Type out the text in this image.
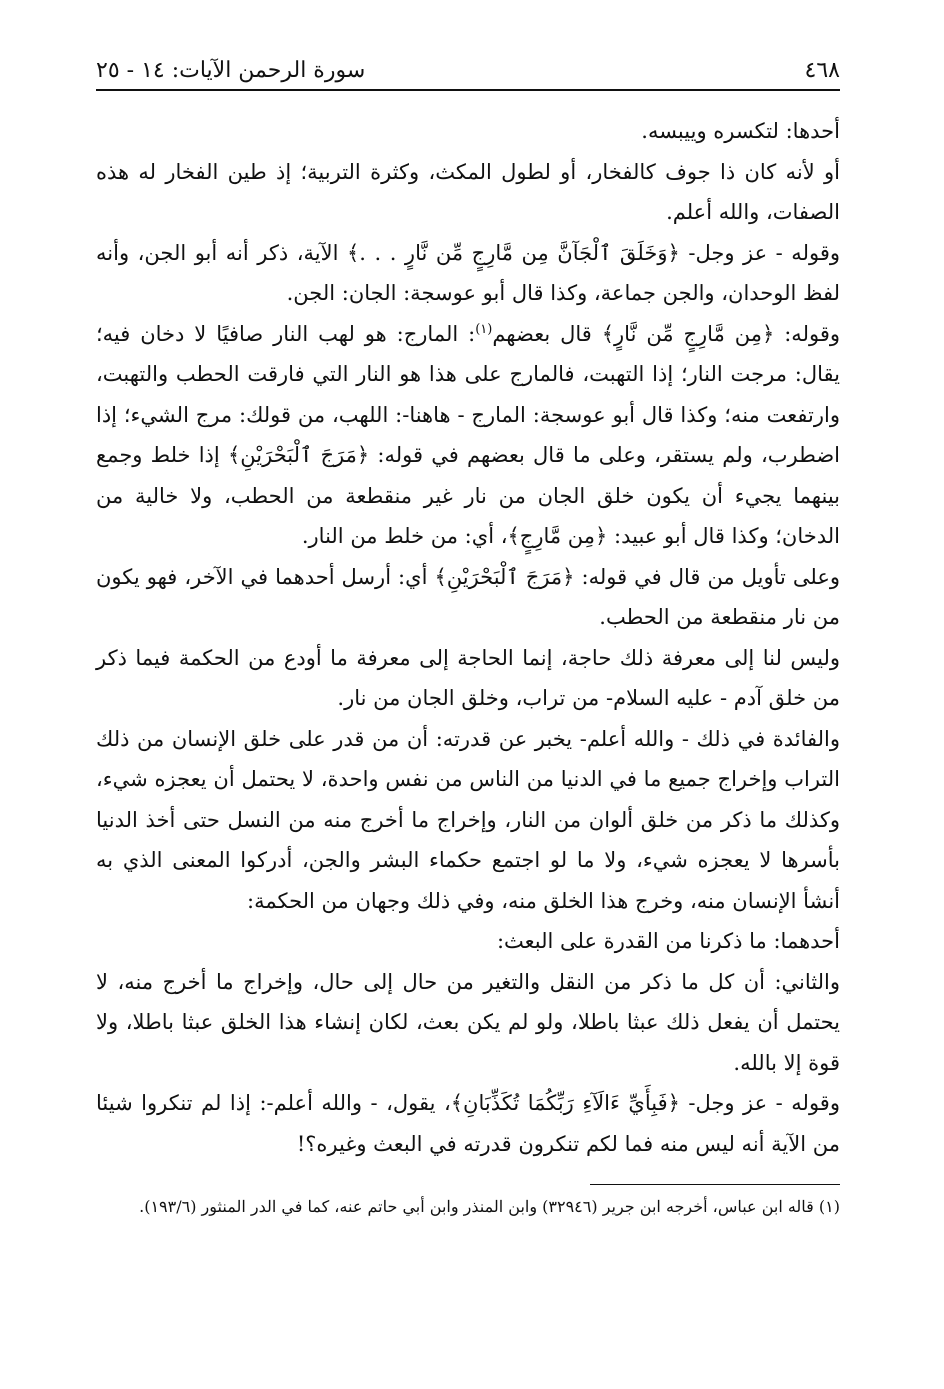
٤٦٨
سورة الرحمن الآيات: ١٤ - ٢٥

أحدها: لتكسره وييبسه.

أو لأنه كان ذا جوف كالفخار، أو لطول المكث، وكثرة التربية؛ إذ طين الفخار له هذه الصفات، والله أعلم.

وقوله - عز وجل- ﴿وَخَلَقَ ٱلْجَآنَّ مِن مَّارِجٍ مِّن نَّارٍ . . .﴾ الآية، ذكر أنه أبو الجن، وأنه لفظ الوحدان، والجن جماعة، وكذا قال أبو عوسجة: الجان: الجن.

وقوله: ﴿مِن مَّارِجٍ مِّن نَّارٍ﴾ قال بعضهم$^{(١)}$: المارج: هو لهب النار صافيًا لا دخان فيه؛ يقال: مرجت النار؛ إذا التهبت، فالمارج على هذا هو النار التي فارقت الحطب والتهبت، وارتفعت منه؛ وكذا قال أبو عوسجة: المارج - هاهنا-: اللهب، من قولك: مرج الشيء؛ إذا اضطرب، ولم يستقر، وعلى ما قال بعضهم في قوله: ﴿مَرَجَ ٱلْبَحْرَيْنِ﴾ إذا خلط وجمع بينهما يجيء أن يكون خلق الجان من نار غير منقطعة من الحطب، ولا خالية من الدخان؛ وكذا قال أبو عبيد: ﴿مِن مَّارِجٍ﴾، أي: من خلط من النار.

وعلى تأويل من قال في قوله: ﴿مَرَجَ ٱلْبَحْرَيْنِ﴾ أي: أرسل أحدهما في الآخر، فهو يكون من نار منقطعة من الحطب.

وليس لنا إلى معرفة ذلك حاجة، إنما الحاجة إلى معرفة ما أودع من الحكمة فيما ذكر من خلق آدم - عليه السلام- من تراب، وخلق الجان من نار.

والفائدة في ذلك - والله أعلم- يخبر عن قدرته: أن من قدر على خلق الإنسان من ذلك التراب وإخراج جميع ما في الدنيا من الناس من نفس واحدة، لا يحتمل أن يعجزه شيء، وكذلك ما ذكر من خلق ألوان من النار، وإخراج ما أخرج منه من النسل حتى أخذ الدنيا بأسرها لا يعجزه شيء، ولا ما لو اجتمع حكماء البشر والجن، أدركوا المعنى الذي به أنشأ الإنسان منه، وخرج هذا الخلق منه، وفي ذلك وجهان من الحكمة:

أحدهما: ما ذكرنا من القدرة على البعث:

والثاني: أن كل ما ذكر من النقل والتغير من حال إلى حال، وإخراج ما أخرج منه، لا يحتمل أن يفعل ذلك عبثا باطلا، ولو لم يكن بعث، لكان إنشاء هذا الخلق عبثا باطلا، ولا قوة إلا بالله.

وقوله - عز وجل- ﴿فَبِأَيِّ ءَالَآءِ رَبِّكُمَا تُكَذِّبَانِ﴾، يقول، - والله أعلم-: إذا لم تنكروا شيئا من الآية أنه ليس منه فما لكم تنكرون قدرته في البعث وغيره؟!

(١) قاله ابن عباس، أخرجه ابن جرير (٣٢٩٤٦) وابن المنذر وابن أبي حاتم عنه، كما في الدر المنثور (١٩٣/٦).
